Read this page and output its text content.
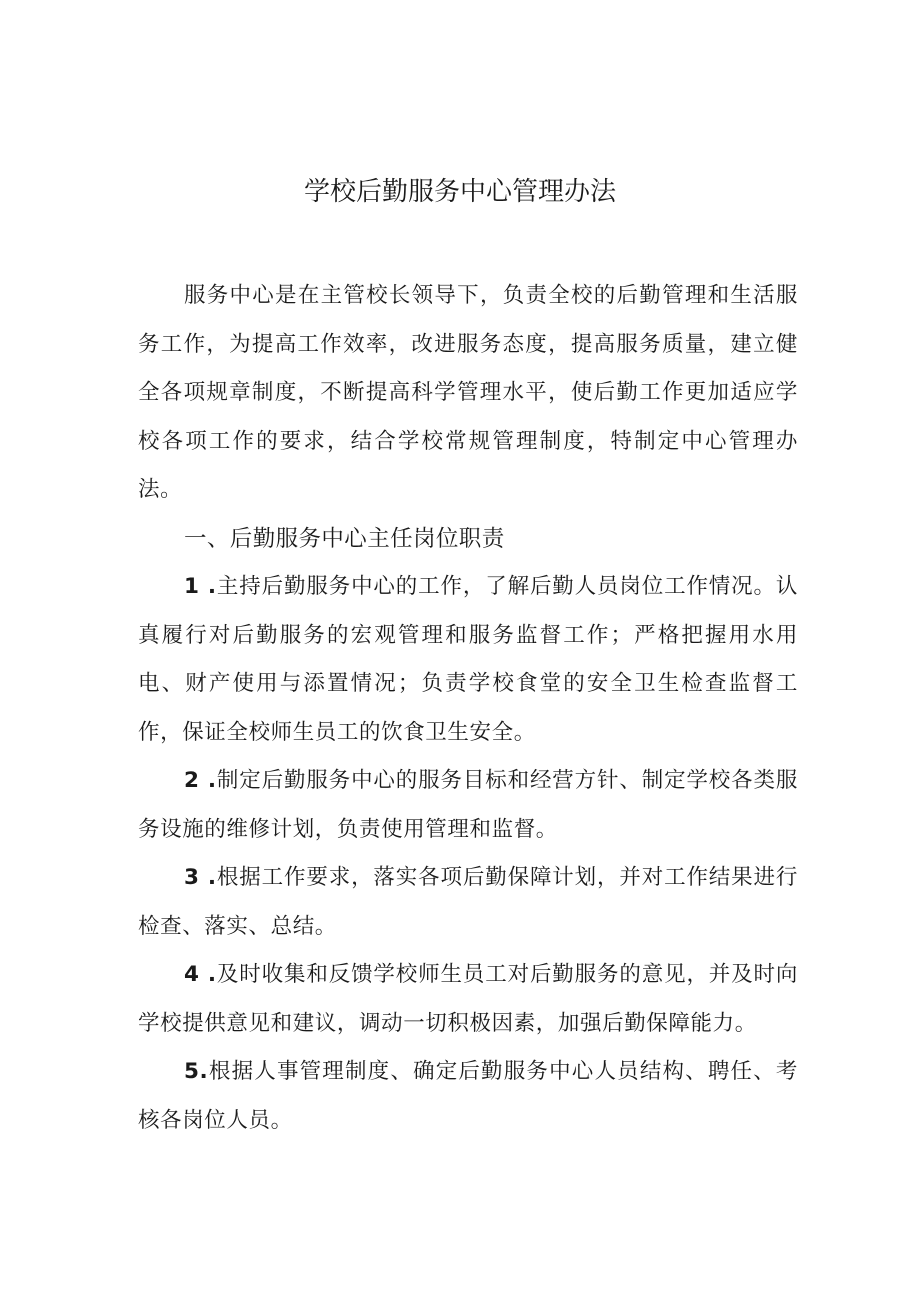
学校后勤服务中心管理办法

服务中心是在主管校长领导下，负责全校的后勤管理和生活服务工作，为提高工作效率，改进服务态度，提高服务质量，建立健全各项规章制度，不断提高科学管理水平，使后勤工作更加适应学校各项工作的要求，结合学校常规管理制度，特制定中心管理办法。

一、后勤服务中心主任岗位职责

1 .主持后勤服务中心的工作，了解后勤人员岗位工作情况。认真履行对后勤服务的宏观管理和服务监督工作；严格把握用水用电、财产使用与添置情况；负责学校食堂的安全卫生检查监督工作，保证全校师生员工的饮食卫生安全。

2 .制定后勤服务中心的服务目标和经营方针、制定学校各类服务设施的维修计划，负责使用管理和监督。

3 .根据工作要求，落实各项后勤保障计划，并对工作结果进行检查、落实、总结。

4 .及时收集和反馈学校师生员工对后勤服务的意见，并及时向学校提供意见和建议，调动一切积极因素，加强后勤保障能力。

5.根据人事管理制度、确定后勤服务中心人员结构、聘任、考核各岗位人员。
